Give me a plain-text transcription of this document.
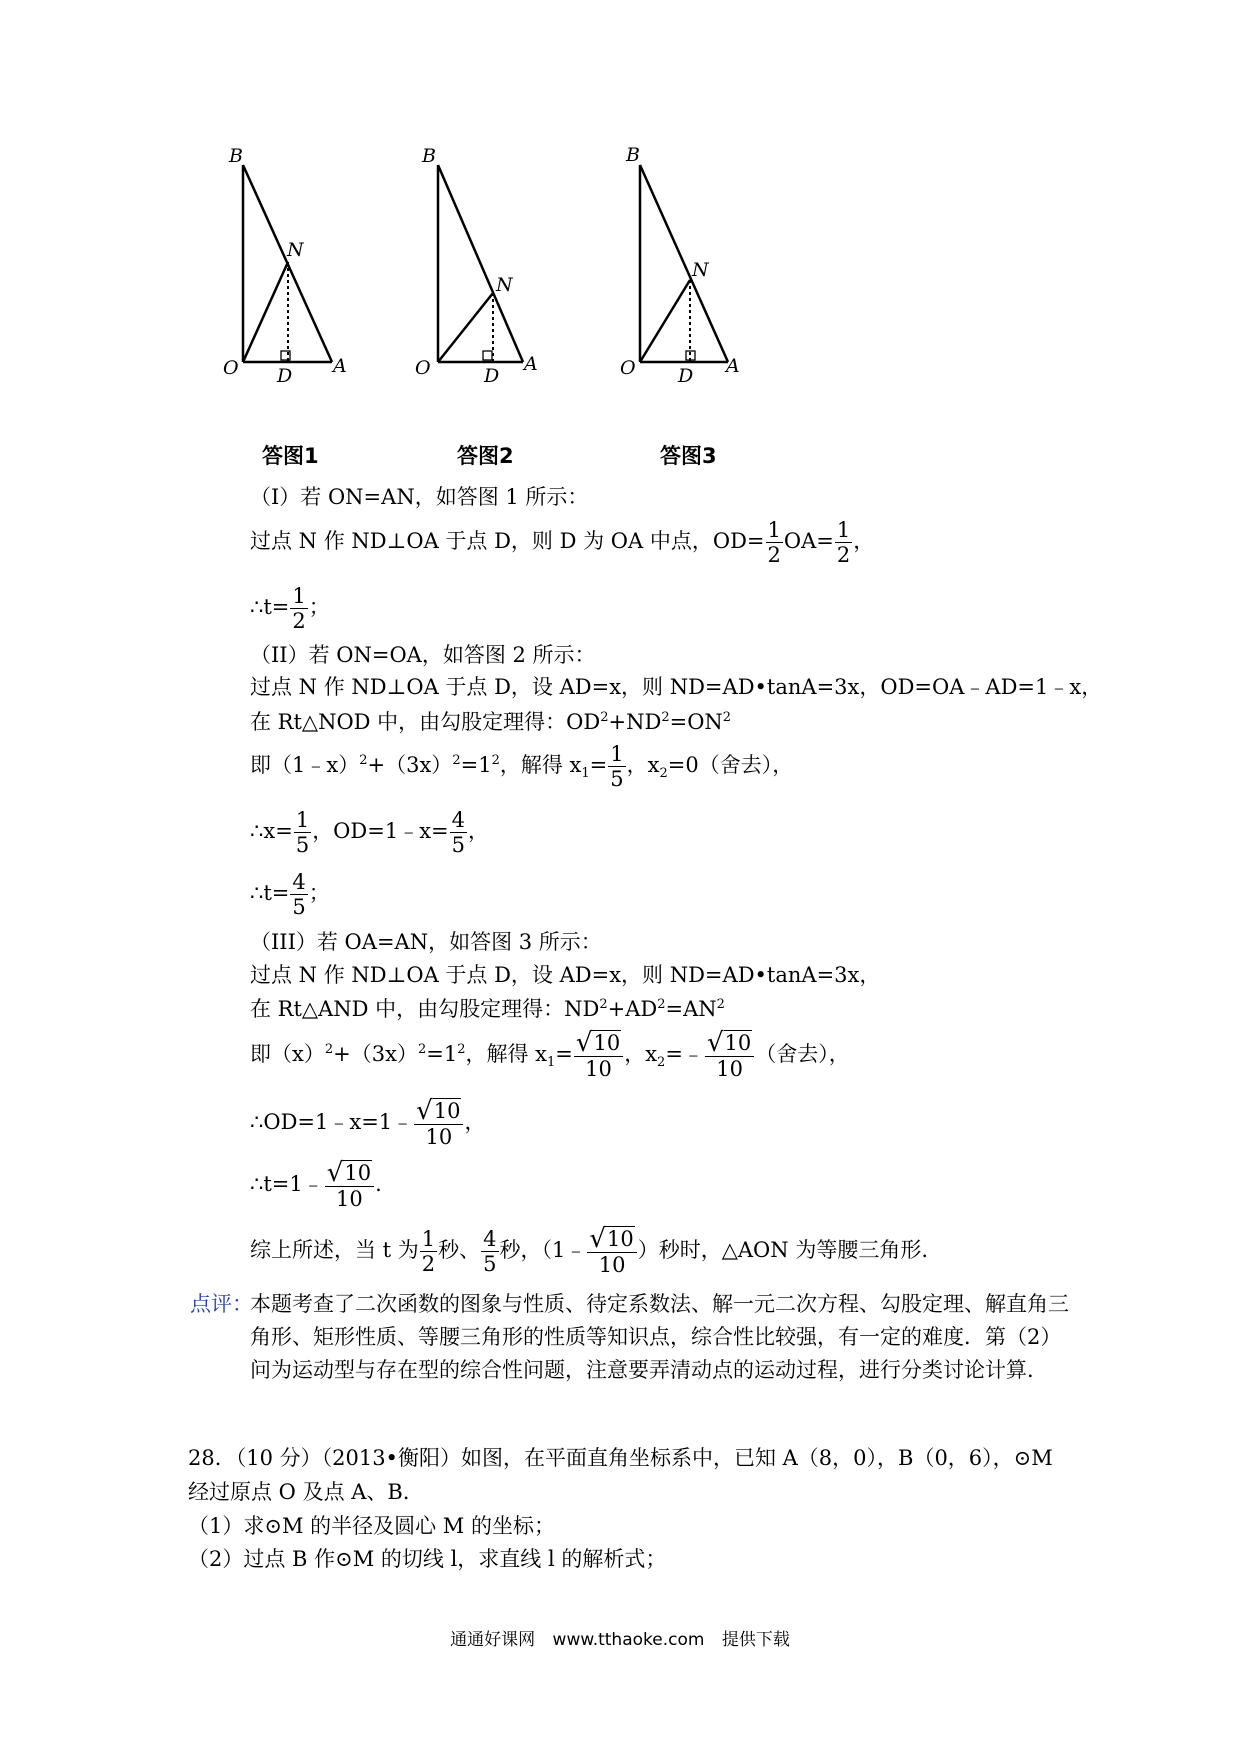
B
N
O D A
答图1
B
N
O	D
A
答图2
B
N
O D A
答图3
（I）若 ON=AN，如答图 1 所示：
过点 N 作 ND⊥OA 于点 D，则 D 为 OA 中点，$OD= \frac{1}{2} OA= \frac{1}{2}$ ，
∴t= $\frac{1}{2}$ ；
（II）若 ON=OA，如答图 2 所示：
过点 N 作 ND⊥OA 于点 D，设 AD=x，则 ND=AD•tanA=3x，OD=OA﹣AD=1﹣x，
在 Rt△NOD 中，由勾股定理得：$OD^2+ND^2=ON^2$
即$(1﹣x)^2+(3x)^2=1^2$，解得 $x_1= \frac{1}{5}$ ，$x_2=0$（舍去），
∴x= $\frac{1}{5}$ ，OD=1﹣x= $\frac{4}{5}$ ，
∴t= $\frac{4}{5}$ ；
（III）若 OA=AN，如答图 3 所示：
过点 N 作 ND⊥OA 于点 D，设 AD=x，则 ND=AD•tanA=3x，
在 Rt△AND 中，由勾股定理得：$ND^2+AD^2=AN^2$
即$(x)^2+(3x)^2=1^2$，解得 $x_1= \frac{√ 10}{10}$ ，$x_2=﹣ \frac{√ 10}{10}$ （舍去），
∴OD=1﹣x=1﹣ $\frac{√ 10}{10}$ ，
∴t=1﹣ $\frac{√ 10}{10}$ .
综上所述，当 t 为 $\frac{1}{2}$ 秒、 $\frac{4}{5}$ 秒，（1﹣ $\frac{√ 10}{10}$ ）秒时，△AON 为等腰三角形.
点评：
本题考查了二次函数的图象与性质、待定系数法、解一元二次方程、勾股定理、解直角三角形、矩形性质、等腰三角形的性质等知识点，综合性比较强，有一定的难度．第（2）问为运动型与存在型的综合性问题，注意要弄清动点的运动过程，进行分类讨论计算.
28．（10 分）（2013•衡阳）如图，在平面直角坐标系中，已知 A（8，0），B（0，6），⊙M
经过原点 O 及点 A、B．
（1）求⊙M 的半径及圆心 M 的坐标；
（2）过点 B 作⊙M 的切线 l，求直线 l 的解析式；
通通好课网 www.tthaoke.com 提供下载
